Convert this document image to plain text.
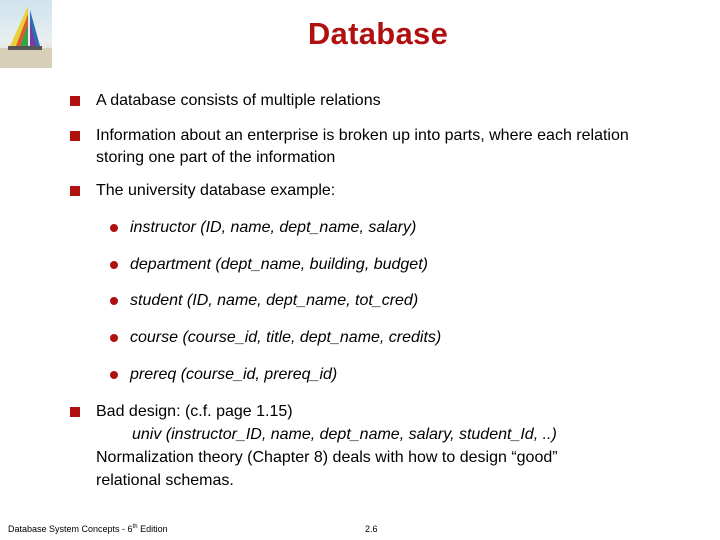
Database
A database consists of multiple relations
Information about an enterprise is broken up into parts, where each relation storing one part of the information
The university database example:
instructor (ID, name, dept_name, salary)
department (dept_name, building, budget)
student (ID, name, dept_name, tot_cred)
course (course_id, title, dept_name, credits)
prereq (course_id, prereq_id)
Bad design: (c.f. page 1.15)
univ (instructor_ID, name, dept_name, salary, student_Id, ..)
Normalization theory (Chapter 8) deals with how to design “good”
relational schemas.
Database System Concepts - 6th Edition	2.6
